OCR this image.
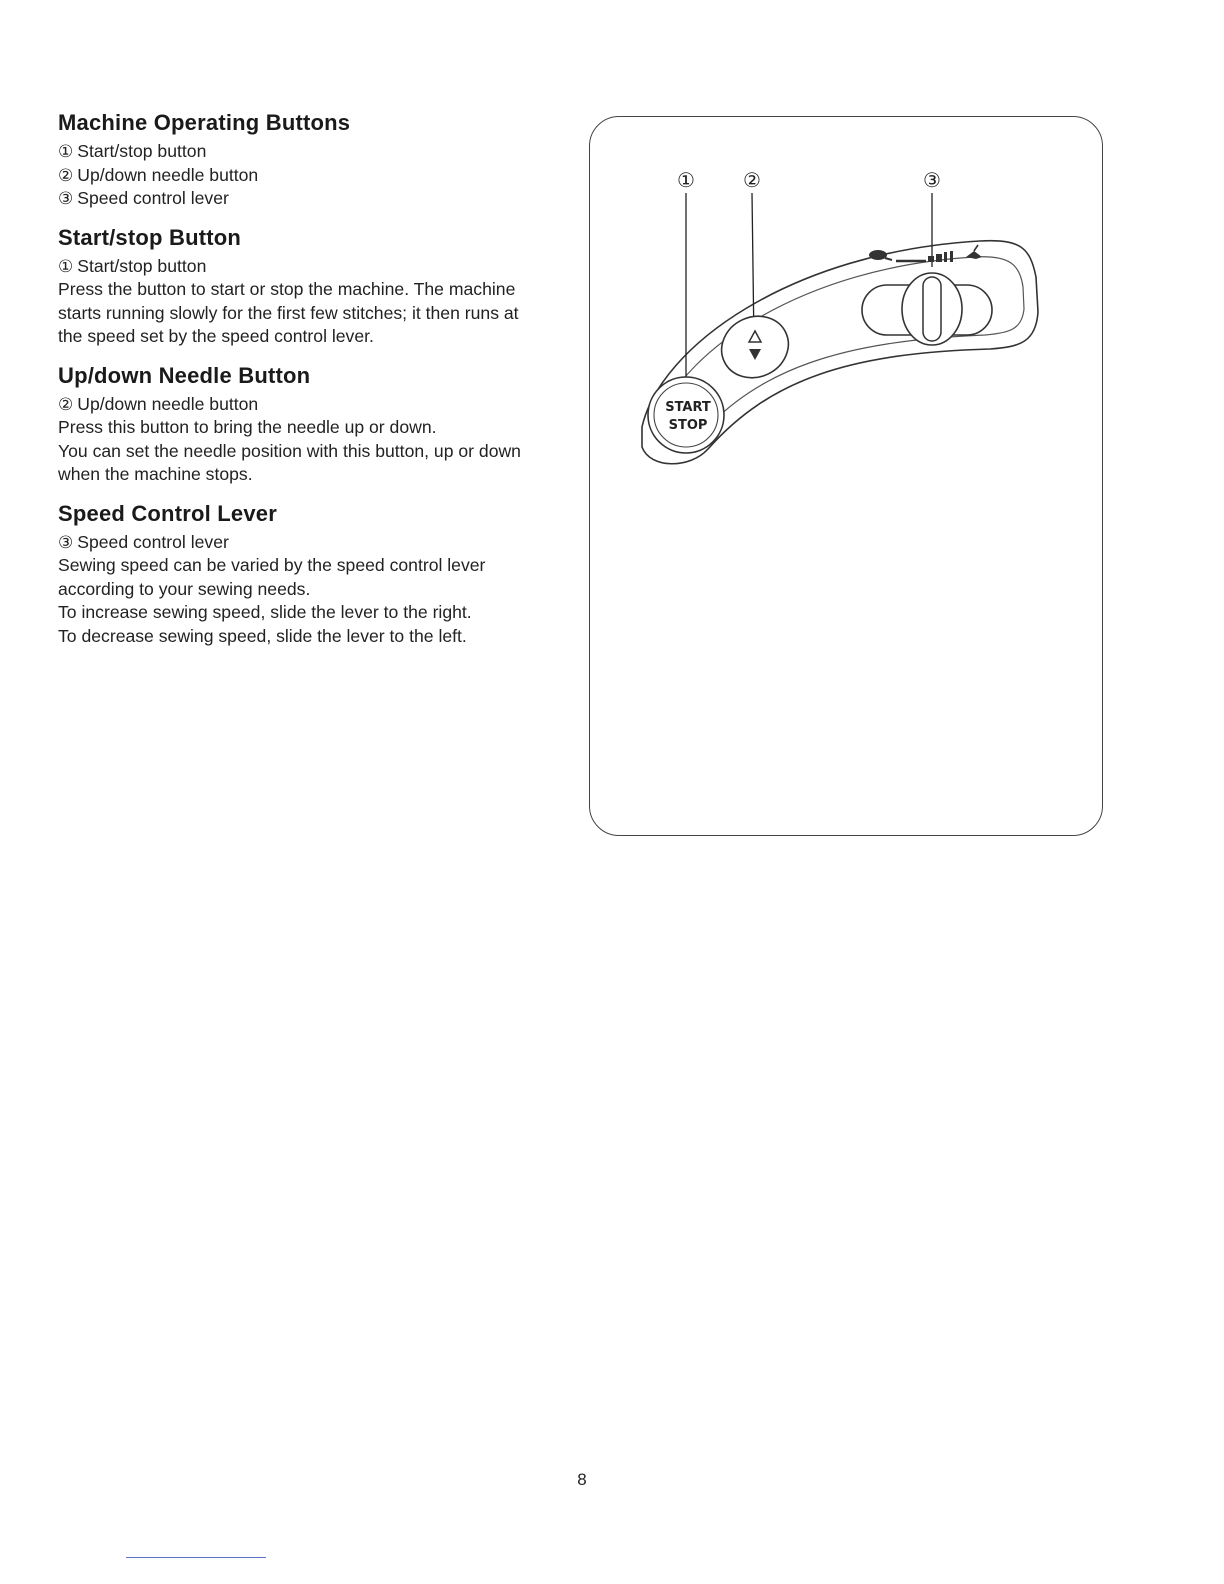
Machine Operating Buttons
① Start/stop button
② Up/down needle button
③ Speed control lever
Start/stop Button
① Start/stop button
Press the button to start or stop the machine. The machine
starts running slowly for the first few stitches; it then runs at
the speed set by the speed control lever.
Up/down Needle Button
② Up/down needle button
Press this button to bring the needle up or down.
You can set the needle position with this button, up or down
when the machine stops.
Speed Control Lever
③ Speed control lever
Sewing speed can be varied by the speed control lever
according to your sewing needs.
To increase sewing speed, slide the lever to the right.
To decrease sewing speed, slide the lever to the left.
① ②	③
START
STOP
8
